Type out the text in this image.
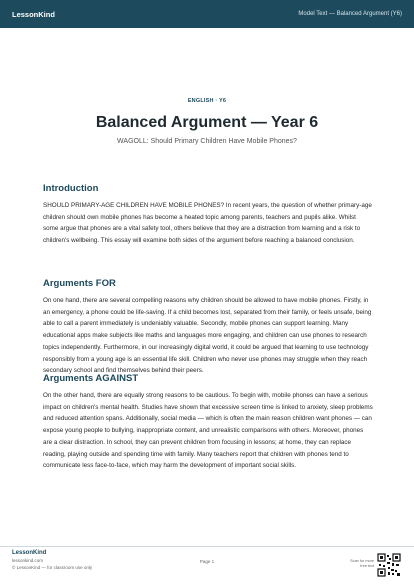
LessonKind	Model Text — Balanced Argument (Y6)
ENGLISH · Y6
Balanced Argument — Year 6
WAGOLL: Should Primary Children Have Mobile Phones?
Introduction

SHOULD PRIMARY-AGE CHILDREN HAVE MOBILE PHONES? In recent years, the question of whether primary-age children should own mobile phones has become a heated topic among parents, teachers and pupils alike. Whilst some argue that phones are a vital safety tool, others believe that they are a distraction from learning and a risk to children's wellbeing. This essay will examine both sides of the argument before reaching a balanced conclusion.

Arguments FOR

On one hand, there are several compelling reasons why children should be allowed to have mobile phones. Firstly, in an emergency, a phone could be life-saving. If a child becomes lost, separated from their family, or feels unsafe, being able to call a parent immediately is undeniably valuable. Secondly, mobile phones can support learning. Many educational apps make subjects like maths and languages more engaging, and children can use phones to research topics independently. Furthermore, in our increasingly digital world, it could be argued that learning to use technology responsibly from a young age is an essential life skill. Children who never use phones may struggle when they reach secondary school and find themselves behind their peers.

Arguments AGAINST

On the other hand, there are equally strong reasons to be cautious. To begin with, mobile phones can have a serious impact on children's mental health. Studies have shown that excessive screen time is linked to anxiety, sleep problems and reduced attention spans. Additionally, social media — which is often the main reason children want phones — can expose young people to bullying, inappropriate content, and unrealistic comparisons with others. Moreover, phones are a clear distraction. In school, they can prevent children from focusing in lessons; at home, they can replace reading, playing outside and spending time with family. Many teachers report that children with phones tend to communicate less face-to-face, which may harm the development of important social skills.

LessonKind
lessonkind.com
© LessonKind — for classroom use only
Page 1	Scan for more free text
